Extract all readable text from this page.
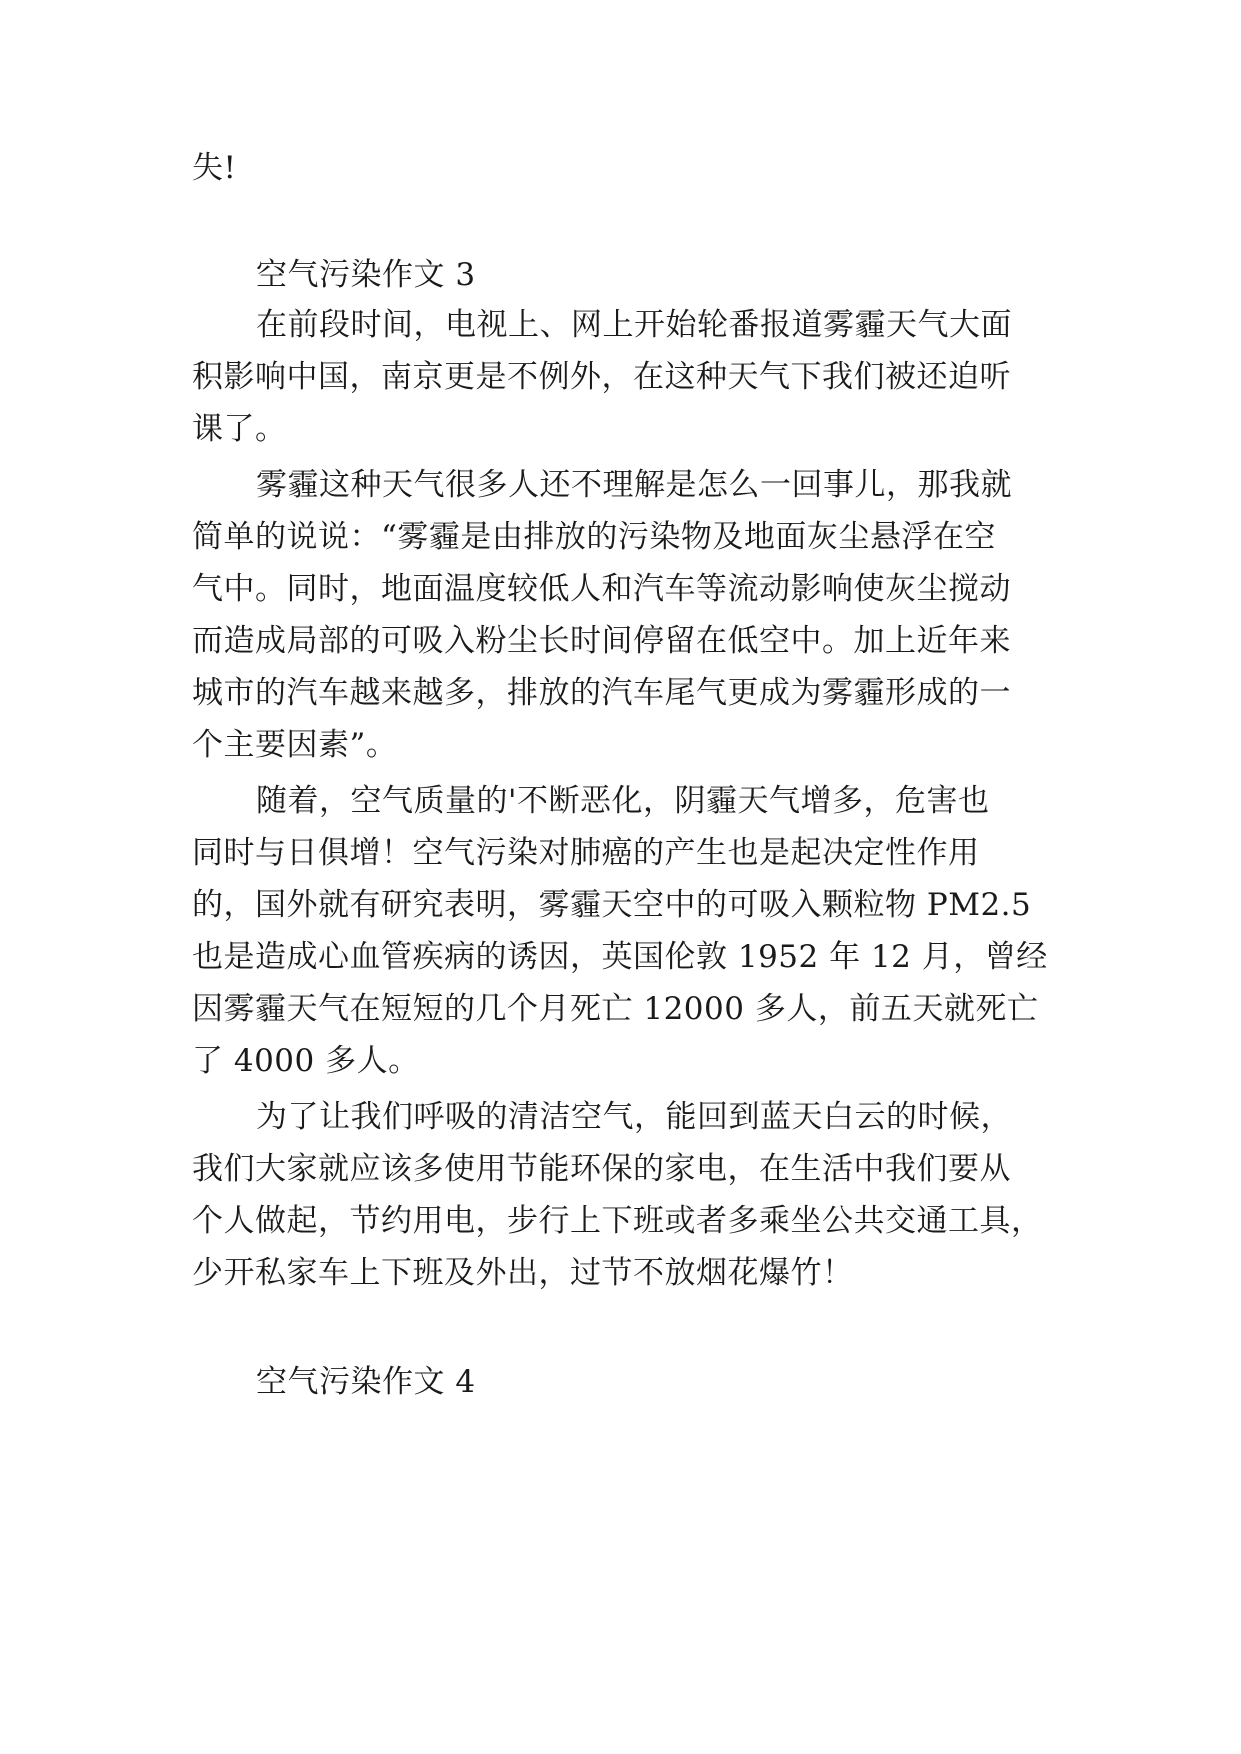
失!

空气污染作文 3

在前段时间，电视上、网上开始轮番报道雾霾天气大面

积影响中国，南京更是不例外，在这种天气下我们被还迫听

课了。

雾霾这种天气很多人还不理解是怎么一回事儿，那我就

简单的说说：“雾霾是由排放的污染物及地面灰尘悬浮在空

气中。同时，地面温度较低人和汽车等流动影响使灰尘搅动

而造成局部的可吸入粉尘长时间停留在低空中。加上近年来

城市的汽车越来越多，排放的汽车尾气更成为雾霾形成的一

个主要因素”。

随着，空气质量的'不断恶化，阴霾天气增多，危害也

同时与日俱增！空气污染对肺癌的产生也是起决定性作用

的，国外就有研究表明，雾霾天空中的可吸入颗粒物 PM2.5

也是造成心血管疾病的诱因，英国伦敦 1952 年 12 月，曾经

因雾霾天气在短短的几个月死亡 12000 多人，前五天就死亡

了 4000 多人。

为了让我们呼吸的清洁空气，能回到蓝天白云的时候，

我们大家就应该多使用节能环保的家电，在生活中我们要从

个人做起，节约用电，步行上下班或者多乘坐公共交通工具，

少开私家车上下班及外出，过节不放烟花爆竹！

空气污染作文 4
